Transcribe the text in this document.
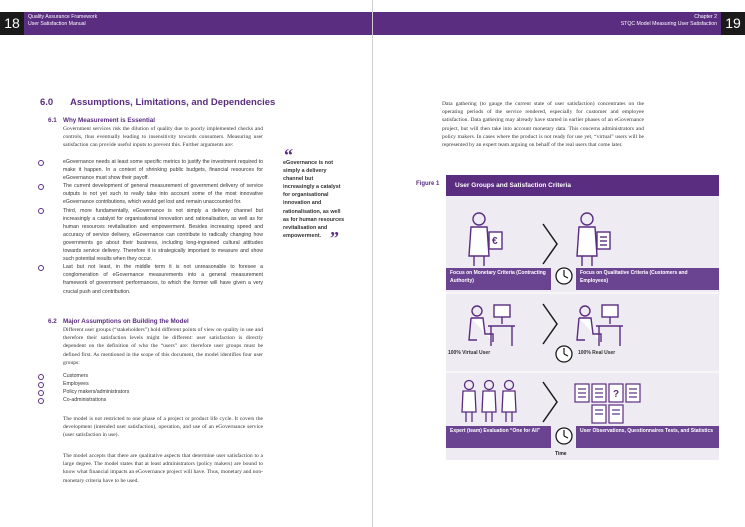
18	Quality Assurance Framework
User Satisfaction Manual
6.0 Assumptions, Limitations, and Dependencies
6.1 Why Measurement is Essential
Government services risk the dilution of quality due to poorly implemented checks and controls, thus eventually leading to insensitivity towards consumers. Measuring user satisfaction can provide useful inputs to prevent this. Further arguments are:
eGovernance needs at least some specific metrics to justify the investment required to make it happen. In a context of shrinking public budgets, financial resources for eGovernance must show their payoff.
The current development of general measurement of government delivery of service outputs is not yet such to really take into account some of the most innovative eGovernance contributions, which would get lost and remain unaccounted for.
Third, more fundamentally, eGovernance is not simply a delivery channel but increasingly a catalyst for organisational innovation and rationalisation, as well as for human resources revitalisation and empowerment. Besides increasing speed and accuracy of service delivery, eGovernance can contribute to radically changing how governments go about their business, including long-ingrained cultural attitudes towards service delivery. Therefore it is strategically important to measure and show such potential results when they occur.
Last but not least, in the middle term it is not unreasonable to foresee a conglomeration of eGovernance measurements into a general measurement framework of government performances, to which the former will have given a very crucial push and contribution.
“
eGovernance is not simply a delivery channel but increasingly a catalyst for organisational innovation and rationalisation, as well as for human resources revitalisation and empowerment. ”
6.2 Major Assumptions on Building the Model
Different user groups (“stakeholders”) hold different points of view on quality in use and therefore their satisfaction levels might be different: user satisfaction is directly dependent on the definition of who the “users” are: therefore user groups must be defined first. As mentioned in the scope of this document, the model identifies four user groups:
Customers
Employees
Policy makers/administrators
Co-administrations
The model is not restricted to one phase of a project or product life cycle. It covers the development (intended user satisfaction), operation, and use of an eGovernance service (user satisfaction in use).
The model accepts that there are qualitative aspects that determine user satisfaction to a large degree. The model states that at least administrators (policy makers) are bound to know what financial impacts an eGovernance project will have. Thus, monetary and non-monetary criteria have to be used.
19
Chapter 2
STQC Model Measuring User Satisfaction
Data gathering (to gauge the current state of user satisfaction) concentrates on the operating periods of the service rendered, especially for customer and employee satisfaction. Data gathering may already have started in earlier phases of an eGovernance project, but will then take into account monetary data. This concerns administrators and policy makers. In cases where the product is not ready for use yet, “virtual” users will be represented by an expert team arguing on behalf of the real users that come later.
Figure 1 User Groups and Satisfaction Criteria
€
?
Focus on Monetary Criteria (Contracting Authority)
Focus on Qualitative Criteria (Customers and Employees)
100% Virtual User	100% Real User
Expert (team) Evaluation “One for All”	User Observations, Questionnaires Tests, and Statistics
Time
